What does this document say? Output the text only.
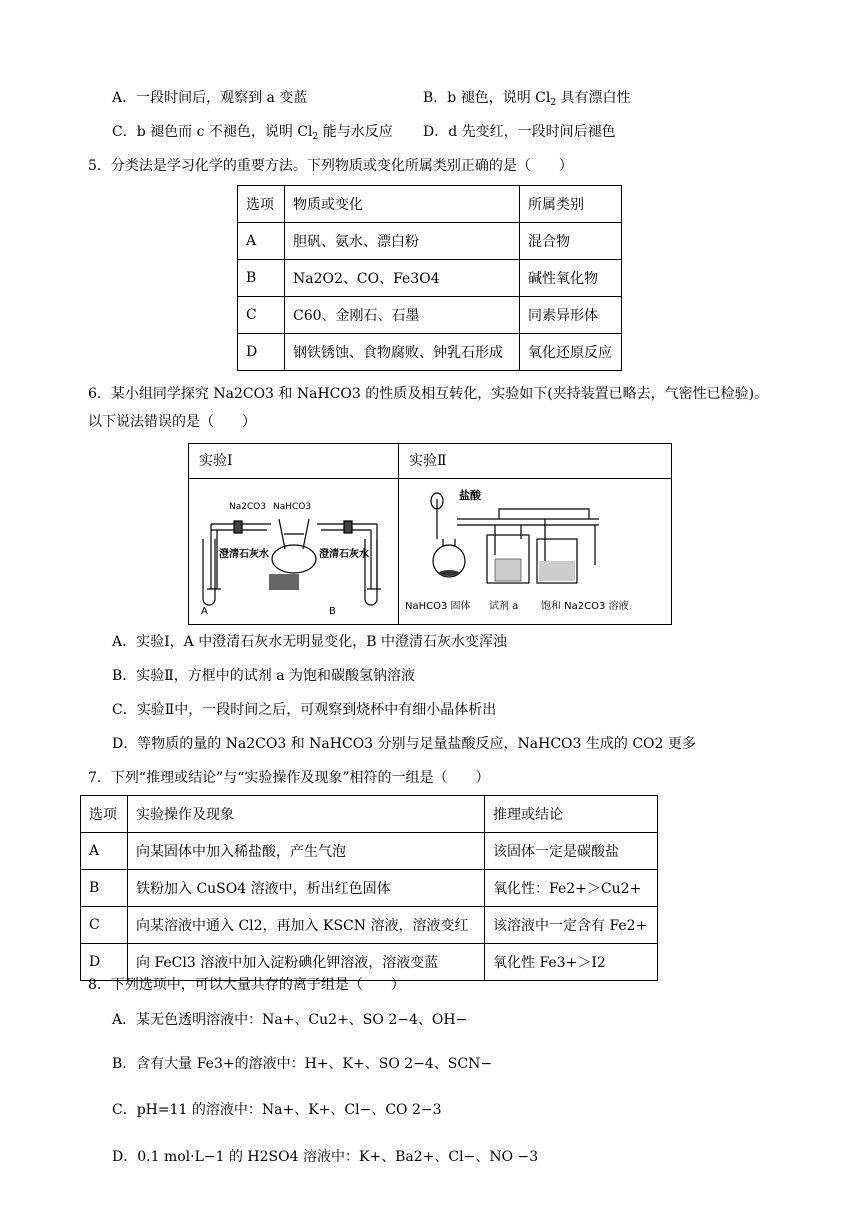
A．一段时间后，观察到 a 变蓝	B．b 褪色，说明 $Cl_2$ 具有漂白性
C．b 褪色而 c 不褪色，说明 $Cl_2$ 能与水反应 D．d 先变红，一段时间后褪色
5．分类法是学习化学的重要方法。下列物质或变化所属类别正确的是（　　）
选项	物质或变化	所属类别
A	胆矾、氨水、漂白粉	混合物
B	Na2O2、CO、Fe3O4	碱性氧化物
C	C60、金刚石、石墨	同素异形体
D	钢铁锈蚀、食物腐败、钟乳石形成	氧化还原反应
6．某小组同学探究 Na2CO3 和 NaHCO3 的性质及相互转化，实验如下(夹持装置已略去，气密性已检验)。
以下说法错误的是（　　）
实验Ⅰ	实验Ⅱ
Na2CO3 NaHCO3
澄清石灰水	澄清石灰水
A	B
盐酸
NaHCO3 固体 试剂 a 饱和 Na2CO3 溶液
A．实验Ⅰ，A 中澄清石灰水无明显变化，B 中澄清石灰水变浑浊
B．实验Ⅱ，方框中的试剂 a 为饱和碳酸氢钠溶液
C．实验Ⅱ中，一段时间之后，可观察到烧杯中有细小晶体析出
D．等物质的量的 Na2CO3 和 NaHCO3 分别与足量盐酸反应，NaHCO3 生成的 CO2 更多
7．下列“推理或结论”与“实验操作及现象”相符的一组是（　　）
选项	实验操作及现象	推理或结论
A	向某固体中加入稀盐酸，产生气泡	该固体一定是碳酸盐
B	铁粉加入 CuSO4 溶液中，析出红色固体	氧化性：Fe2+＞Cu2+
C	向某溶液中通入 Cl2，再加入 KSCN 溶液，溶液变红	该溶液中一定含有 Fe2+
D	向 FeCl3 溶液中加入淀粉碘化钾溶液，溶液变蓝	氧化性 Fe3+＞I2
8．下列选项中，可以大量共存的离子组是（　　）
A．某无色透明溶液中：Na+、Cu2+、SO 2−4、OH−
B．含有大量 Fe3+的溶液中：H+、K+、SO 2−4、SCN−
C．pH=11 的溶液中：Na+、K+、Cl−、CO 2−3
D．0.1 mol·L−1 的 H2SO4 溶液中：K+、Ba2+、Cl−、NO −3
